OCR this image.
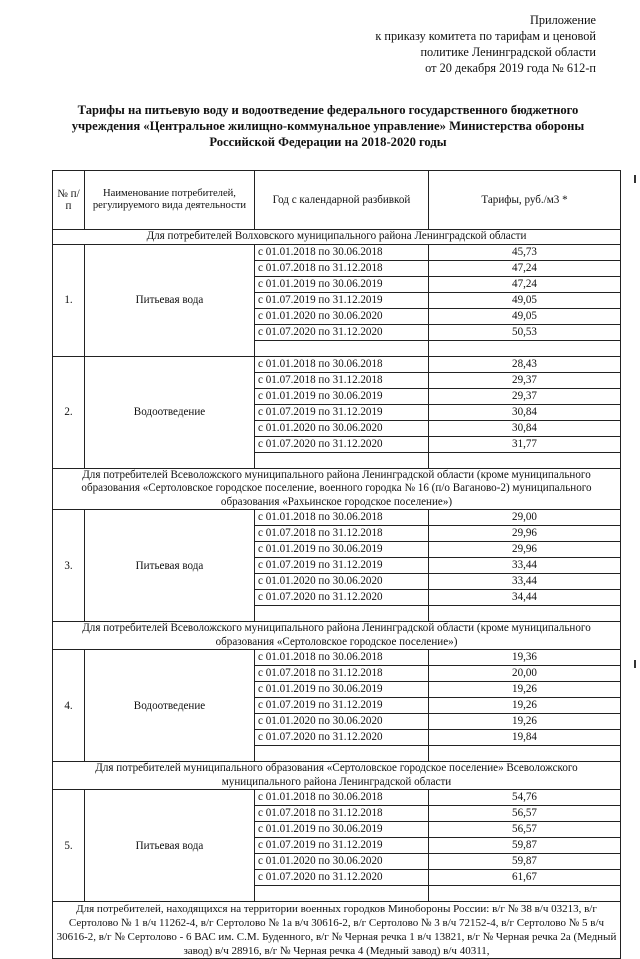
Приложение
к приказу комитета по тарифам и ценовой
политике Ленинградской области
от 20 декабря 2019 года № 612-п
Тарифы на питьевую воду и водоотведение федерального государственного бюджетного учреждения «Центральное жилищно-коммунальное управление» Министерства обороны Российской Федерации на 2018-2020 годы
№ п/п	Наименование потребителей, регулируемого вида деятельности	Год с календарной разбивкой	Тарифы, руб./м3 *
Для потребителей Волховского муниципального района Ленинградской области			
1.	Питьевая вода	с 01.01.2018 по 30.06.2018	45,73
		с 01.07.2018 по 31.12.2018	47,24
		с 01.01.2019 по 30.06.2019	47,24
		с 01.07.2019 по 31.12.2019	49,05
		с 01.01.2020 по 30.06.2020	49,05
		с 01.07.2020 по 31.12.2020	50,53

2.	Водоотведение	с 01.01.2018 по 30.06.2018	28,43
		с 01.07.2018 по 31.12.2018	29,37
		с 01.01.2019 по 30.06.2019	29,37
		с 01.07.2019 по 31.12.2019	30,84
		с 01.01.2020 по 30.06.2020	30,84
		с 01.07.2020 по 31.12.2020	31,77

Для потребителей Всеволожского муниципального района Ленинградской области (кроме муниципального образования «Сертоловское городское поселение, военного городка № 16 (п/о Ваганово-2) муниципального образования «Рахьинское городское поселение»)			
3.	Питьевая вода	с 01.01.2018 по 30.06.2018	29,00
		с 01.07.2018 по 31.12.2018	29,96
		с 01.01.2019 по 30.06.2019	29,96
		с 01.07.2019 по 31.12.2019	33,44
		с 01.01.2020 по 30.06.2020	33,44
		с 01.07.2020 по 31.12.2020	34,44

Для потребителей Всеволожского муниципального района Ленинградской области (кроме муниципального образования «Сертоловское городское поселение»)			
4.	Водоотведение	с 01.01.2018 по 30.06.2018	19,36
		с 01.07.2018 по 31.12.2018	20,00
		с 01.01.2019 по 30.06.2019	19,26
		с 01.07.2019 по 31.12.2019	19,26
		с 01.01.2020 по 30.06.2020	19,26
		с 01.07.2020 по 31.12.2020	19,84

Для потребителей муниципального образования «Сертоловское городское поселение» Всеволожского муниципального района Ленинградской области			
5.	Питьевая вода	с 01.01.2018 по 30.06.2018	54,76
		с 01.07.2018 по 31.12.2018	56,57
		с 01.01.2019 по 30.06.2019	56,57
		с 01.07.2019 по 31.12.2019	59,87
		с 01.01.2020 по 30.06.2020	59,87
		с 01.07.2020 по 31.12.2020	61,67

Для потребителей, находящихся на территории военных городков Минобороны России: в/г № 38 в/ч 03213, в/г Сертолово № 1 в/ч 11262-4, в/г Сертолово № 1а в/ч 30616-2, в/г Сертолово № 3 в/ч 72152-4, в/г Сертолово № 5 в/ч 30616-2, в/г № Сертолово - 6 ВАС им. С.М. Буденного, в/г № Черная речка 1 в/ч 13821, в/г № Черная речка 2а (Медный завод) в/ч 28916, в/г № Черная речка 4 (Медный завод) в/ч 40311,			
